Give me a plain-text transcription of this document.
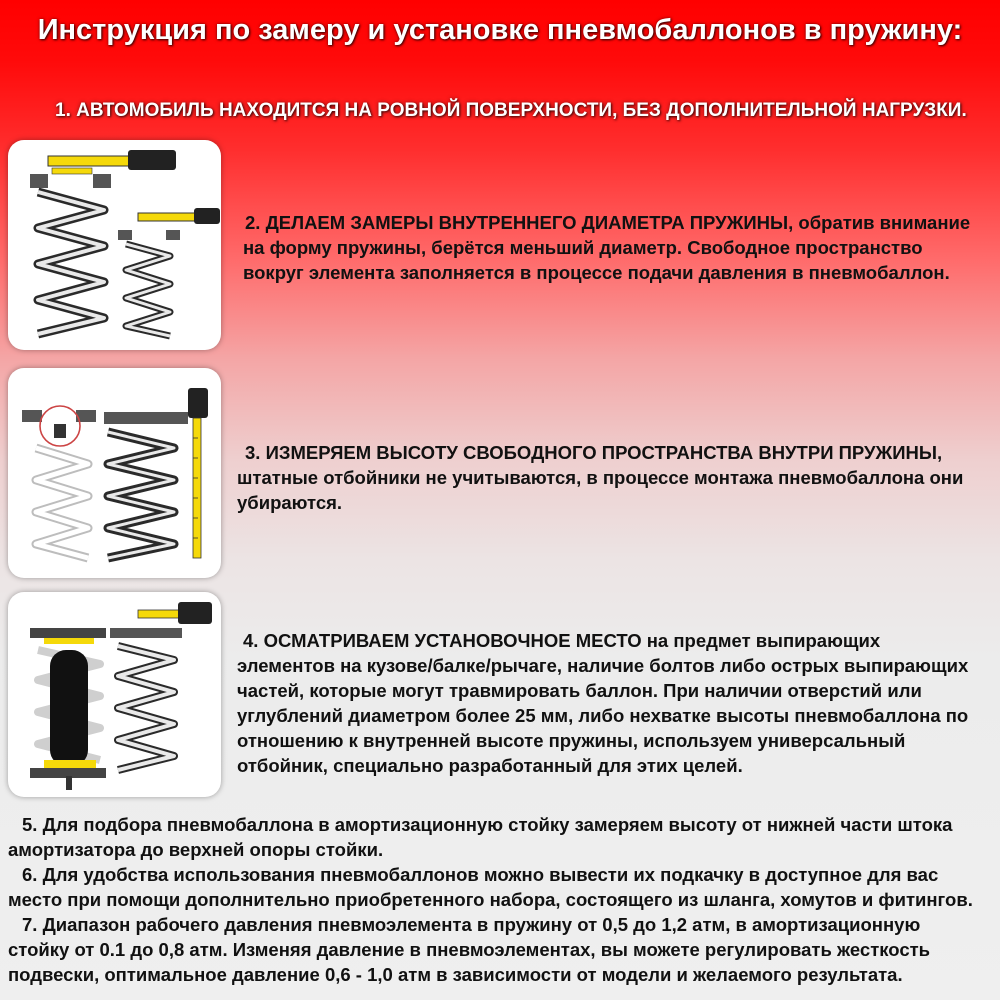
Инструкция по замеру и установке пневмобаллонов в пружину:
1. АВТОМОБИЛЬ НАХОДИТСЯ НА РОВНОЙ ПОВЕРХНОСТИ, БЕЗ ДОПОЛНИТЕЛЬНОЙ НАГРУЗКИ.
2. ДЕЛАЕМ ЗАМЕРЫ ВНУТРЕННЕГО ДИАМЕТРА ПРУЖИНЫ, обратив внимание
на форму пружины, берётся меньший диаметр. Свободное пространство
вокруг элемента заполняется в процессе подачи давления в пневмобаллон.
3. ИЗМЕРЯЕМ ВЫСОТУ СВОБОДНОГО ПРОСТРАНСТВА ВНУТРИ ПРУЖИНЫ,
штатные отбойники не учитываются, в процессе монтажа пневмобаллона они
убираются.
4. ОСМАТРИВАЕМ УСТАНОВОЧНОЕ МЕСТО на предмет выпирающих
элементов на кузове/балке/рычаге, наличие болтов либо острых выпирающих
частей, которые могут травмировать баллон. При наличии отверстий или
углублений диаметром более 25 мм, либо нехватке высоты пневмобаллона по
отношению к внутренней высоте пружины, используем универсальный
отбойник, специально разработанный для этих целей.
5. Для подбора пневмобаллона в амортизационную стойку замеряем высоту от нижней части штока
амортизатора до верхней опоры стойки.
6. Для удобства использования пневмобаллонов можно вывести их подкачку в доступное для вас
место при помощи дополнительно приобретенного набора, состоящего из шланга, хомутов и фитингов.
7. Диапазон рабочего давления пневмоэлемента в пружину от 0,5 до 1,2 атм, в амортизационную
стойку от 0.1 до 0,8 атм. Изменяя давление в пневмоэлементах, вы можете регулировать жесткость
подвески, оптимальное давление 0,6 - 1,0 атм в зависимости от модели и желаемого результата.
